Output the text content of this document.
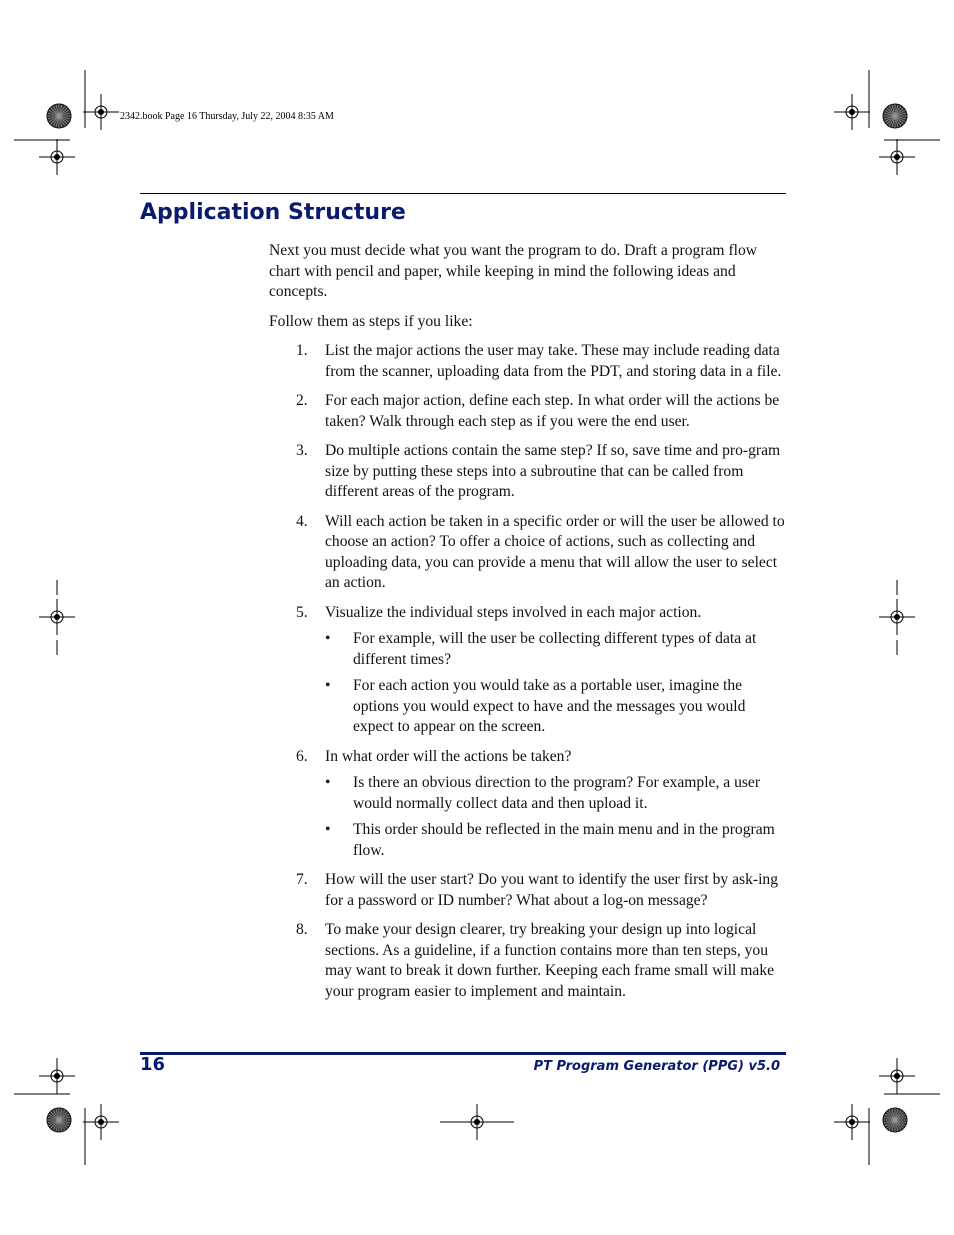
2342.book Page 16 Thursday, July 22, 2004 8:35 AM
Application Structure

Next you must decide what you want the program to do. Draft a program flow chart with pencil and paper, while keeping in mind the following ideas and concepts.

Follow them as steps if you like:

1. List the major actions the user may take. These may include reading data from the scanner, uploading data from the PDT, and storing data in a file.
2. For each major action, define each step. In what order will the actions be taken? Walk through each step as if you were the end user.
3. Do multiple actions contain the same step? If so, save time and pro-gram size by putting these steps into a subroutine that can be called from different areas of the program.
4. Will each action be taken in a specific order or will the user be allowed to choose an action? To offer a choice of actions, such as collecting and uploading data, you can provide a menu that will allow the user to select an action.
5. Visualize the individual steps involved in each major action.
• For example, will the user be collecting different types of data at different times?
• For each action you would take as a portable user, imagine the options you would expect to have and the messages you would expect to appear on the screen.
6. In what order will the actions be taken?
• Is there an obvious direction to the program? For example, a user would normally collect data and then upload it.
• This order should be reflected in the main menu and in the program flow.
7. How will the user start? Do you want to identify the user first by ask-ing for a password or ID number? What about a log-on message?
8. To make your design clearer, try breaking your design up into logical sections. As a guideline, if a function contains more than ten steps, you may want to break it down further. Keeping each frame small will make your program easier to implement and maintain.
16	PT Program Generator (PPG) v5.0
